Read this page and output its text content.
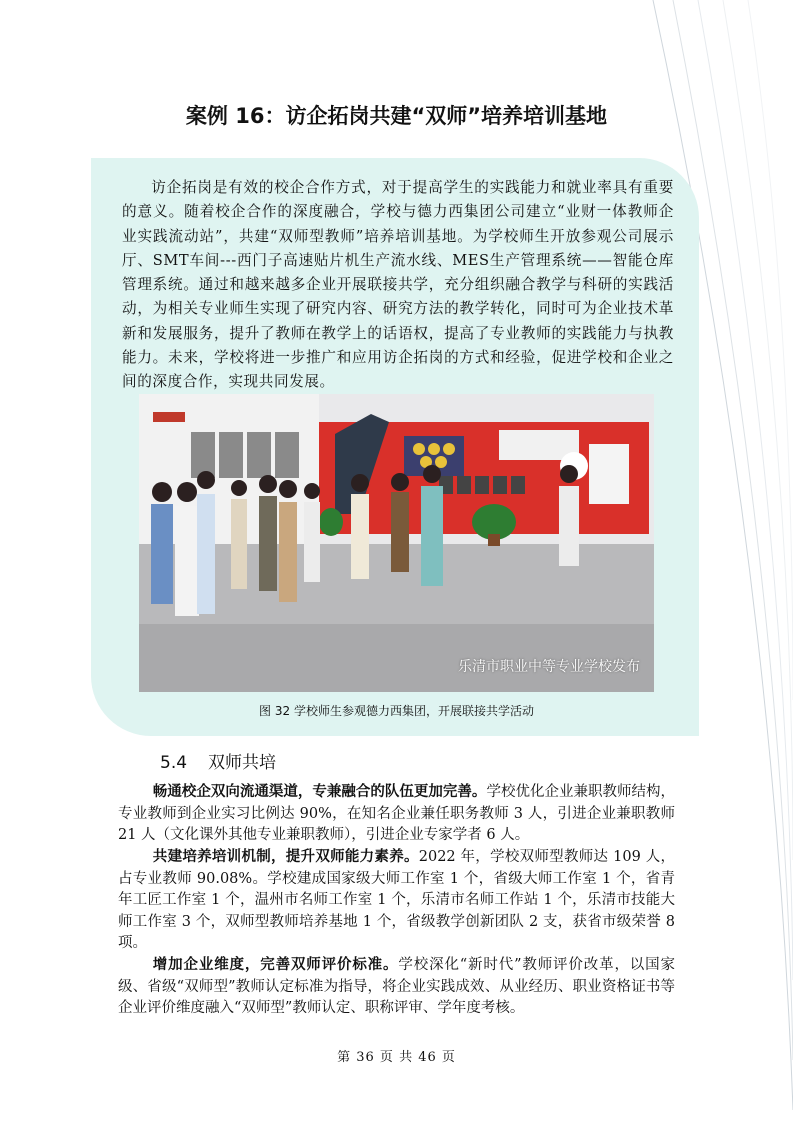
案例 16：访企拓岗共建“双师”培养培训基地

访企拓岗是有效的校企合作方式，对于提高学生的实践能力和就业率具有重要的意义。随着校企合作的深度融合，学校与德力西集团公司建立“业财一体教师企业实践流动站”，共建“双师型教师”培养培训基地。为学校师生开放参观公司展示厅、SMT车间---西门子高速贴片机生产流水线、MES生产管理系统——智能仓库管理系统。通过和越来越多企业开展联接共学，充分组织融合教学与科研的实践活动，为相关专业师生实现了研究内容、研究方法的教学转化，同时可为企业技术革新和发展服务，提升了教师在教学上的话语权，提高了专业教师的实践能力与执教能力。未来，学校将进一步推广和应用访企拓岗的方式和经验，促进学校和企业之间的深度合作，实现共同发展。

乐清市职业中等专业学校发布
图 32 学校师生参观德力西集团，开展联接共学活动
5.4 双师共培

畅通校企双向流通渠道，专兼融合的队伍更加完善。学校优化企业兼职教师结构，专业教师到企业实习比例达 90%，在知名企业兼任职务教师 3 人，引进企业兼职教师 21 人（文化课外其他专业兼职教师），引进企业专家学者 6 人。

共建培养培训机制，提升双师能力素养。2022 年，学校双师型教师达 109 人，占专业教师 90.08%。学校建成国家级大师工作室 1 个，省级大师工作室 1 个，省青年工匠工作室 1 个，温州市名师工作室 1 个，乐清市名师工作站 1 个，乐清市技能大师工作室 3 个，双师型教师培养基地 1 个，省级教学创新团队 2 支，获省市级荣誉 8 项。

增加企业维度，完善双师评价标准。学校深化“新时代”教师评价改革，以国家级、省级“双师型”教师认定标准为指导，将企业实践成效、从业经历、职业资格证书等企业评价维度融入“双师型”教师认定、职称评审、学年度考核。

第 36 页 共 46 页
